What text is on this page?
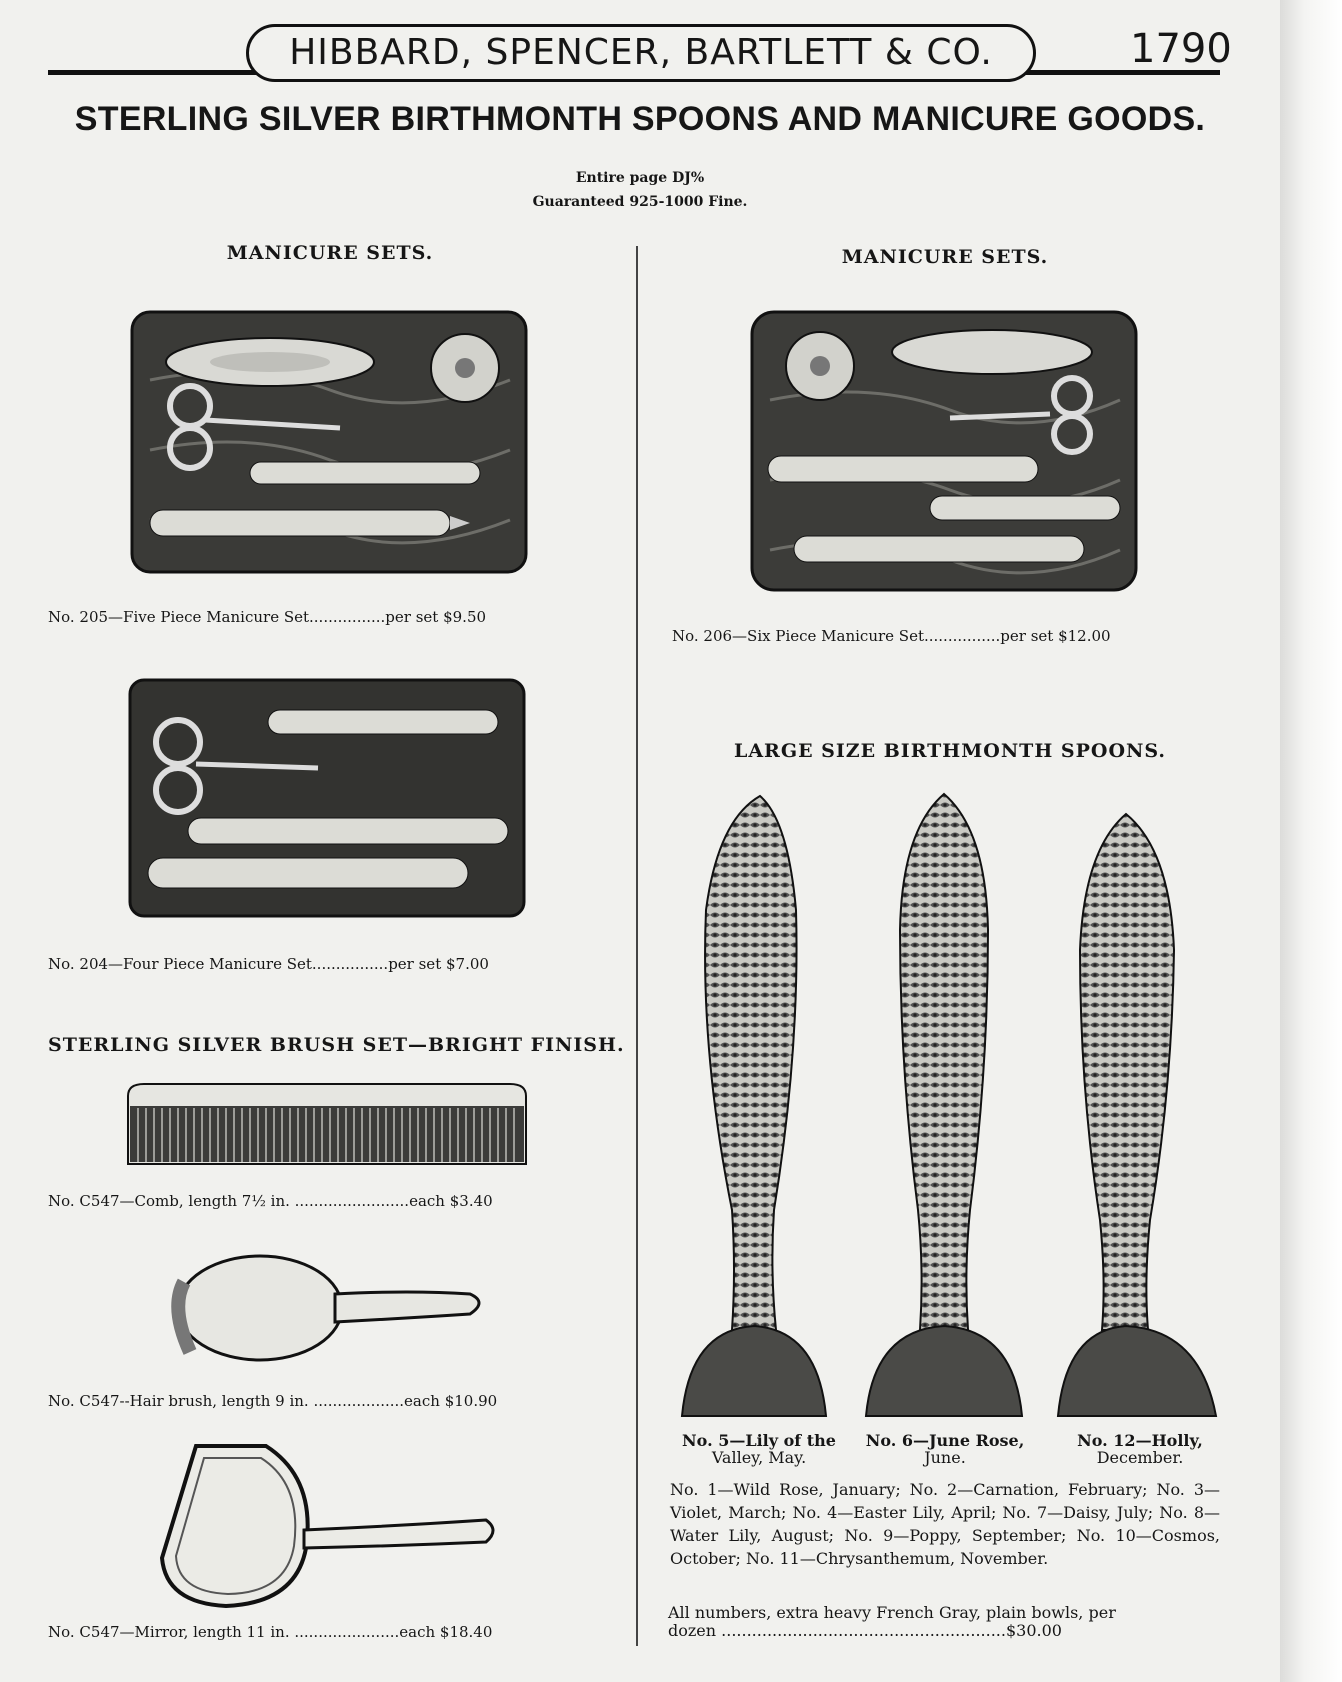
HIBBARD, SPENCER, BARTLETT & CO.	1790
STERLING SILVER BIRTHMONTH SPOONS AND MANICURE GOODS.
Entire page DJ%
Guaranteed 925-1000 Fine.
MANICURE SETS.
No. 205—Five Piece Manicure Set................per set $9.50
No. 204—Four Piece Manicure Set................per set $7.00
STERLING SILVER BRUSH SET—BRIGHT FINISH.
No. C547—Comb, length 7½ in. ........................each $3.40
No. C547--Hair brush, length 9 in. ...................each $10.90
No. C547—Mirror, length 11 in. ......................each $18.40
MANICURE SETS.
No. 206—Six Piece Manicure Set................per set $12.00
LARGE SIZE BIRTHMONTH SPOONS.
No. 5—Lily of the
Valley, May.
No. 6—June Rose,
June.
No. 12—Holly,
December.
No. 1—Wild Rose, January; No. 2—Carnation, February; No. 3—Violet, March; No. 4—Easter Lily, April; No. 7—Daisy, July; No. 8—Water Lily, August; No. 9—Poppy, September; No. 10—Cosmos, October; No. 11—Chrysanthemum, November.
All numbers, extra heavy French Gray, plain bowls, per
dozen ........................................................$30.00
